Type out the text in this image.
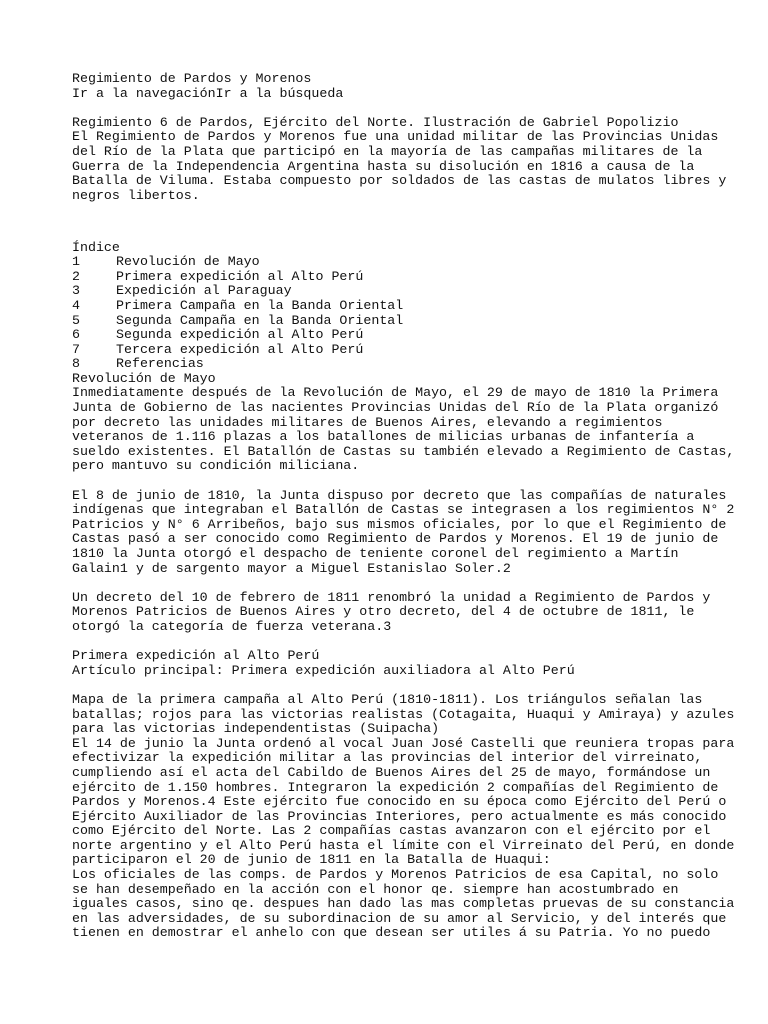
Regimiento de Pardos y Morenos
Ir a la navegaciónIr a la búsqueda
Regimiento 6 de Pardos, Ejército del Norte. Ilustración de Gabriel Popolizio
El Regimiento de Pardos y Morenos fue una unidad militar de las Provincias Unidas
del Río de la Plata que participó en la mayoría de las campañas militares de la
Guerra de la Independencia Argentina hasta su disolución en 1816 a causa de la
Batalla de Viluma. Estaba compuesto por soldados de las castas de mulatos libres y
negros libertos.
Índice
1	Revolución de Mayo
2	Primera expedición al Alto Perú
3	Expedición al Paraguay
4	Primera Campaña en la Banda Oriental
5	Segunda Campaña en la Banda Oriental
6	Segunda expedición al Alto Perú
7	Tercera expedición al Alto Perú
8	Referencias
Revolución de Mayo
Inmediatamente después de la Revolución de Mayo, el 29 de mayo de 1810 la Primera
Junta de Gobierno de las nacientes Provincias Unidas del Río de la Plata organizó
por decreto las unidades militares de Buenos Aires, elevando a regimientos
veteranos de 1.116 plazas a los batallones de milicias urbanas de infantería a
sueldo existentes. El Batallón de Castas su también elevado a Regimiento de Castas,
pero mantuvo su condición miliciana.
El 8 de junio de 1810, la Junta dispuso por decreto que las compañías de naturales
indígenas que integraban el Batallón de Castas se integrasen a los regimientos N° 2
Patricios y N° 6 Arribeños, bajo sus mismos oficiales, por lo que el Regimiento de
Castas pasó a ser conocido como Regimiento de Pardos y Morenos. El 19 de junio de
1810 la Junta otorgó el despacho de teniente coronel del regimiento a Martín
Galain1 y de sargento mayor a Miguel Estanislao Soler.2
Un decreto del 10 de febrero de 1811 renombró la unidad a Regimiento de Pardos y
Morenos Patricios de Buenos Aires y otro decreto, del 4 de octubre de 1811, le
otorgó la categoría de fuerza veterana.3
Primera expedición al Alto Perú
Artículo principal: Primera expedición auxiliadora al Alto Perú
Mapa de la primera campaña al Alto Perú (1810-1811). Los triángulos señalan las
batallas; rojos para las victorias realistas (Cotagaita, Huaqui y Amiraya) y azules
para las victorias independentistas (Suipacha)
El 14 de junio la Junta ordenó al vocal Juan José Castelli que reuniera tropas para
efectivizar la expedición militar a las provincias del interior del virreinato,
cumpliendo así el acta del Cabildo de Buenos Aires del 25 de mayo, formándose un
ejército de 1.150 hombres. Integraron la expedición 2 compañías del Regimiento de
Pardos y Morenos.4 Este ejército fue conocido en su época como Ejército del Perú o
Ejército Auxiliador de las Provincias Interiores, pero actualmente es más conocido
como Ejército del Norte. Las 2 compañías castas avanzaron con el ejército por el
norte argentino y el Alto Perú hasta el límite con el Virreinato del Perú, en donde
participaron el 20 de junio de 1811 en la Batalla de Huaqui:
Los oficiales de las comps. de Pardos y Morenos Patricios de esa Capital, no solo
se han desempeñado en la acción con el honor qe. siempre han acostumbrado en
iguales casos, sino qe. despues han dado las mas completas pruevas de su constancia
en las adversidades, de su subordinacion de su amor al Servicio, y del interés que
tienen en demostrar el anhelo con que desean ser utiles á su Patria. Yo no puedo
